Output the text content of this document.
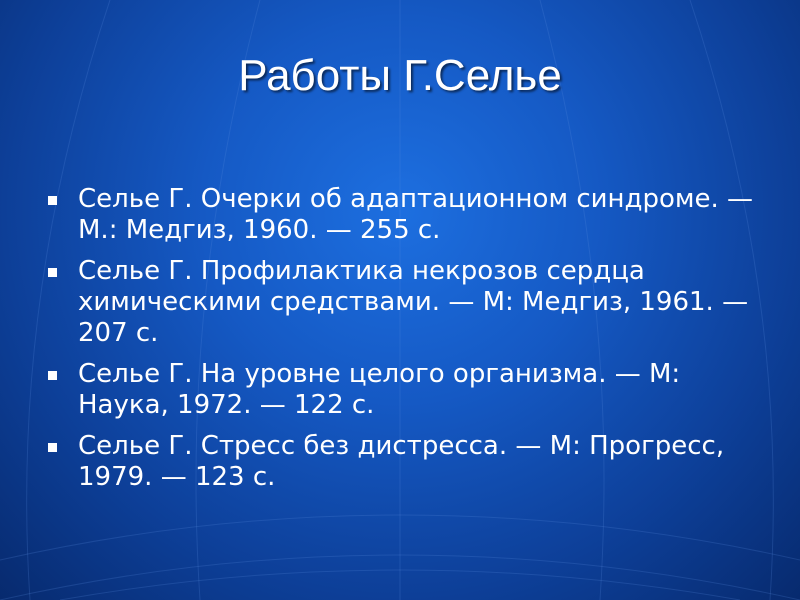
Работы Г.Селье
Селье Г. Очерки об адаптационном синдроме. — М.: Медгиз, 1960. — 255 с.
Селье Г. Профилактика некрозов сердца химическими средствами. — М: Медгиз, 1961. — 207 с.
Селье Г. На уровне целого организма. — М: Наука, 1972. — 122 с.
Селье Г. Стресс без дистресса. — М: Прогресс, 1979. — 123 с.
